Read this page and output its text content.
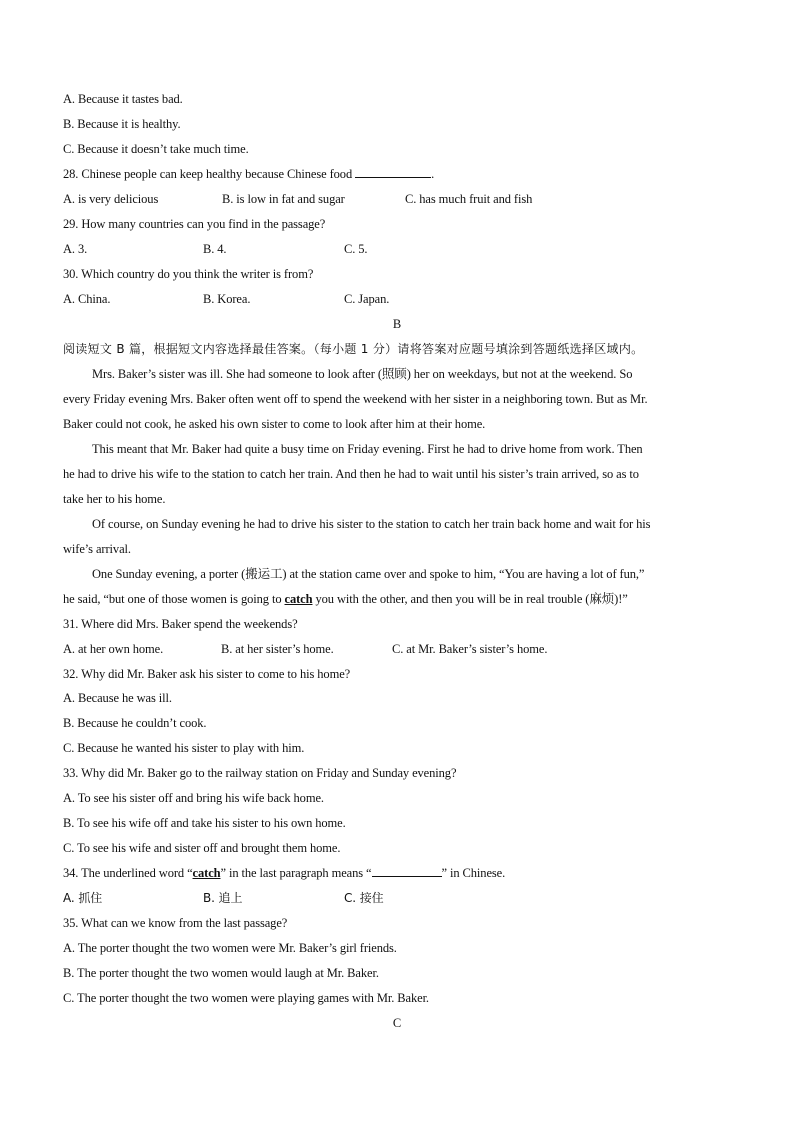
A. Because it tastes bad.
B. Because it is healthy.
C. Because it doesn’t take much time.
28. Chinese people can keep healthy because Chinese food	.
A. is very delicious	B. is low in fat and sugar	C. has much fruit and fish
29. How many countries can you find in the passage?
A. 3.	B. 4.	C. 5.
30. Which country do you think the writer is from?
A. China.	B. Korea.	C. Japan.
B
阅读短文 B 篇，根据短文内容选择最佳答案。（每小题 1 分）请将答案对应题号填涂到答题纸选择区域内。
Mrs. Baker’s sister was ill. She had someone to look after (照顾) her on weekdays, but not at the weekend. So
every Friday evening Mrs. Baker often went off to spend the weekend with her sister in a neighboring town. But as Mr.
Baker could not cook, he asked his own sister to come to look after him at their home.
This meant that Mr. Baker had quite a busy time on Friday evening. First he had to drive home from work. Then
he had to drive his wife to the station to catch her train. And then he had to wait until his sister’s train arrived, so as to
take her to his home.
Of course, on Sunday evening he had to drive his sister to the station to catch her train back home and wait for his
wife’s arrival.
One Sunday evening, a porter (搬运工) at the station came over and spoke to him, “You are having a lot of fun,”
he said, “but one of those women is going to catch you with the other, and then you will be in real trouble (麻烦)!”
31. Where did Mrs. Baker spend the weekends?
A. at her own home.	B. at her sister’s home.	C. at Mr. Baker’s sister’s home.
32. Why did Mr. Baker ask his sister to come to his home?
A. Because he was ill.
B. Because he couldn’t cook.
C. Because he wanted his sister to play with him.
33. Why did Mr. Baker go to the railway station on Friday and Sunday evening?
A. To see his sister off and bring his wife back home.
B. To see his wife off and take his sister to his own home.
C. To see his wife and sister off and brought them home.
34. The underlined word “catch” in the last paragraph means “	” in Chinese.
A. 抓住	B. 追上	C. 接住
35. What can we know from the last passage?
A. The porter thought the two women were Mr. Baker’s girl friends.
B. The porter thought the two women would laugh at Mr. Baker.
C. The porter thought the two women were playing games with Mr. Baker.
C
